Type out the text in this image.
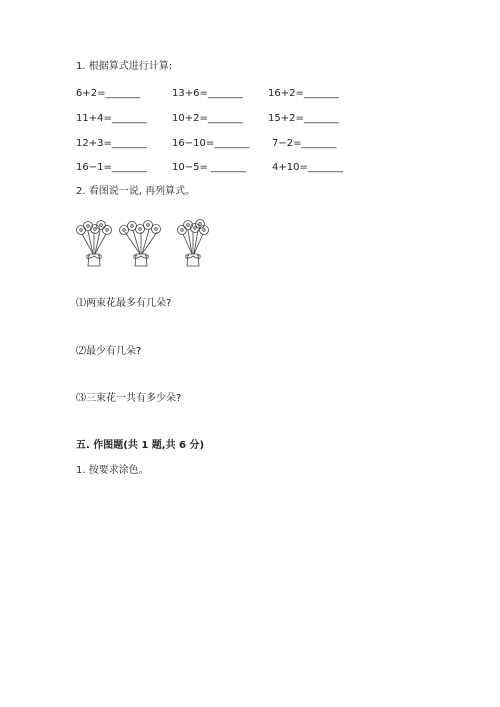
1. 根据算式进行计算:
6+2=_______	13+6=_______	16+2=_______
11+4=_______	10+2=_______	15+2=_______
12+3=_______	16−10=_______ 7−2=_______
16−1=_______	10−5= _______	4+10=_______
2. 看图说一说, 再列算式。
⑴两束花最多有几朵?
⑵最少有几朵?
⑶三束花一共有多少朵?
五. 作图题(共 1 题,共 6 分)
1. 按要求涂色。
